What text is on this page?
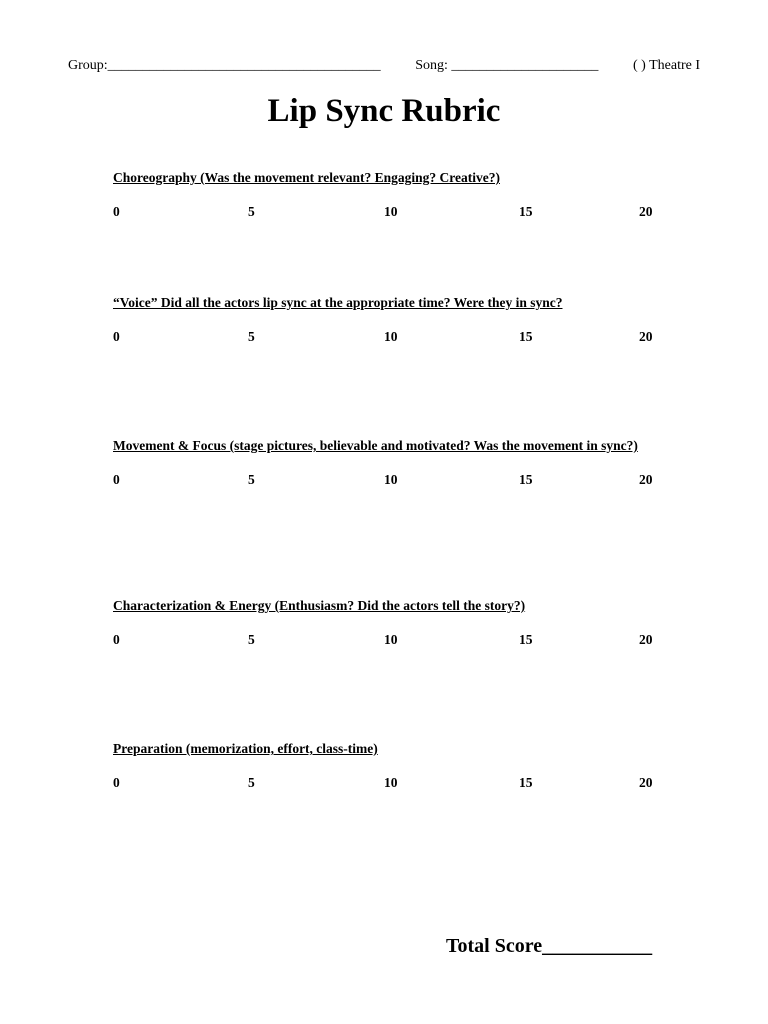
Group:_______________________________________ Song: _____________________ ( ) Theatre I
Lip Sync Rubric
Choreography (Was the movement relevant? Engaging? Creative?)
0	5	10	15	20
“Voice” Did all the actors lip sync at the appropriate time? Were they in sync?
0	5	10	15	20
Movement & Focus (stage pictures, believable and motivated? Was the movement in sync?)
0	5	10	15	20
Characterization & Energy (Enthusiasm? Did the actors tell the story?)
0	5	10	15	20
Preparation (memorization, effort, class-time)
0	5	10	15	20
Total Score___________
